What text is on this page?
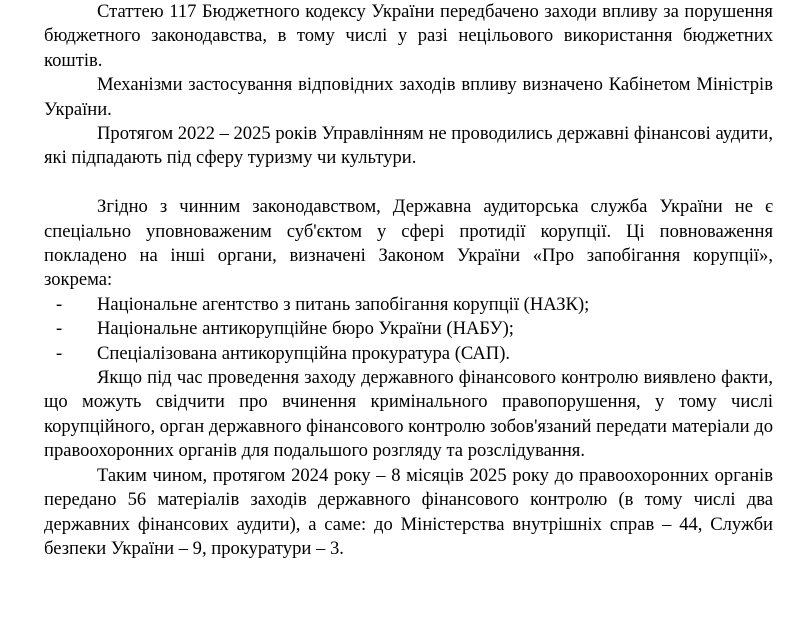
Статтею 117 Бюджетного кодексу України передбачено заходи впливу за порушення бюджетного законодавства, в тому числі у разі нецільового використання бюджетних коштів.

Механізми застосування відповідних заходів впливу визначено Кабінетом Міністрів України.

Протягом 2022 – 2025 років Управлінням не проводились державні фінансові аудити, які підпадають під сферу туризму чи культури.

Згідно з чинним законодавством, Державна аудиторська служба України не є спеціально уповноваженим суб'єктом у сфері протидії корупції. Ці повноваження покладено на інші органи, визначені Законом України «Про запобігання корупції», зокрема:

- Національне агентство з питань запобігання корупції (НАЗК);
- Національне антикорупційне бюро України (НАБУ);
- Спеціалізована антикорупційна прокуратура (САП).

Якщо під час проведення заходу державного фінансового контролю виявлено факти, що можуть свідчити про вчинення кримінального правопорушення, у тому числі корупційного, орган державного фінансового контролю зобов'язаний передати матеріали до правоохоронних органів для подальшого розгляду та розслідування.

Таким чином, протягом 2024 року – 8 місяців 2025 року до правоохоронних органів передано 56 матеріалів заходів державного фінансового контролю (в тому числі два державних фінансових аудити), а саме: до Міністерства внутрішніх справ – 44, Служби безпеки України – 9, прокуратури – 3.
